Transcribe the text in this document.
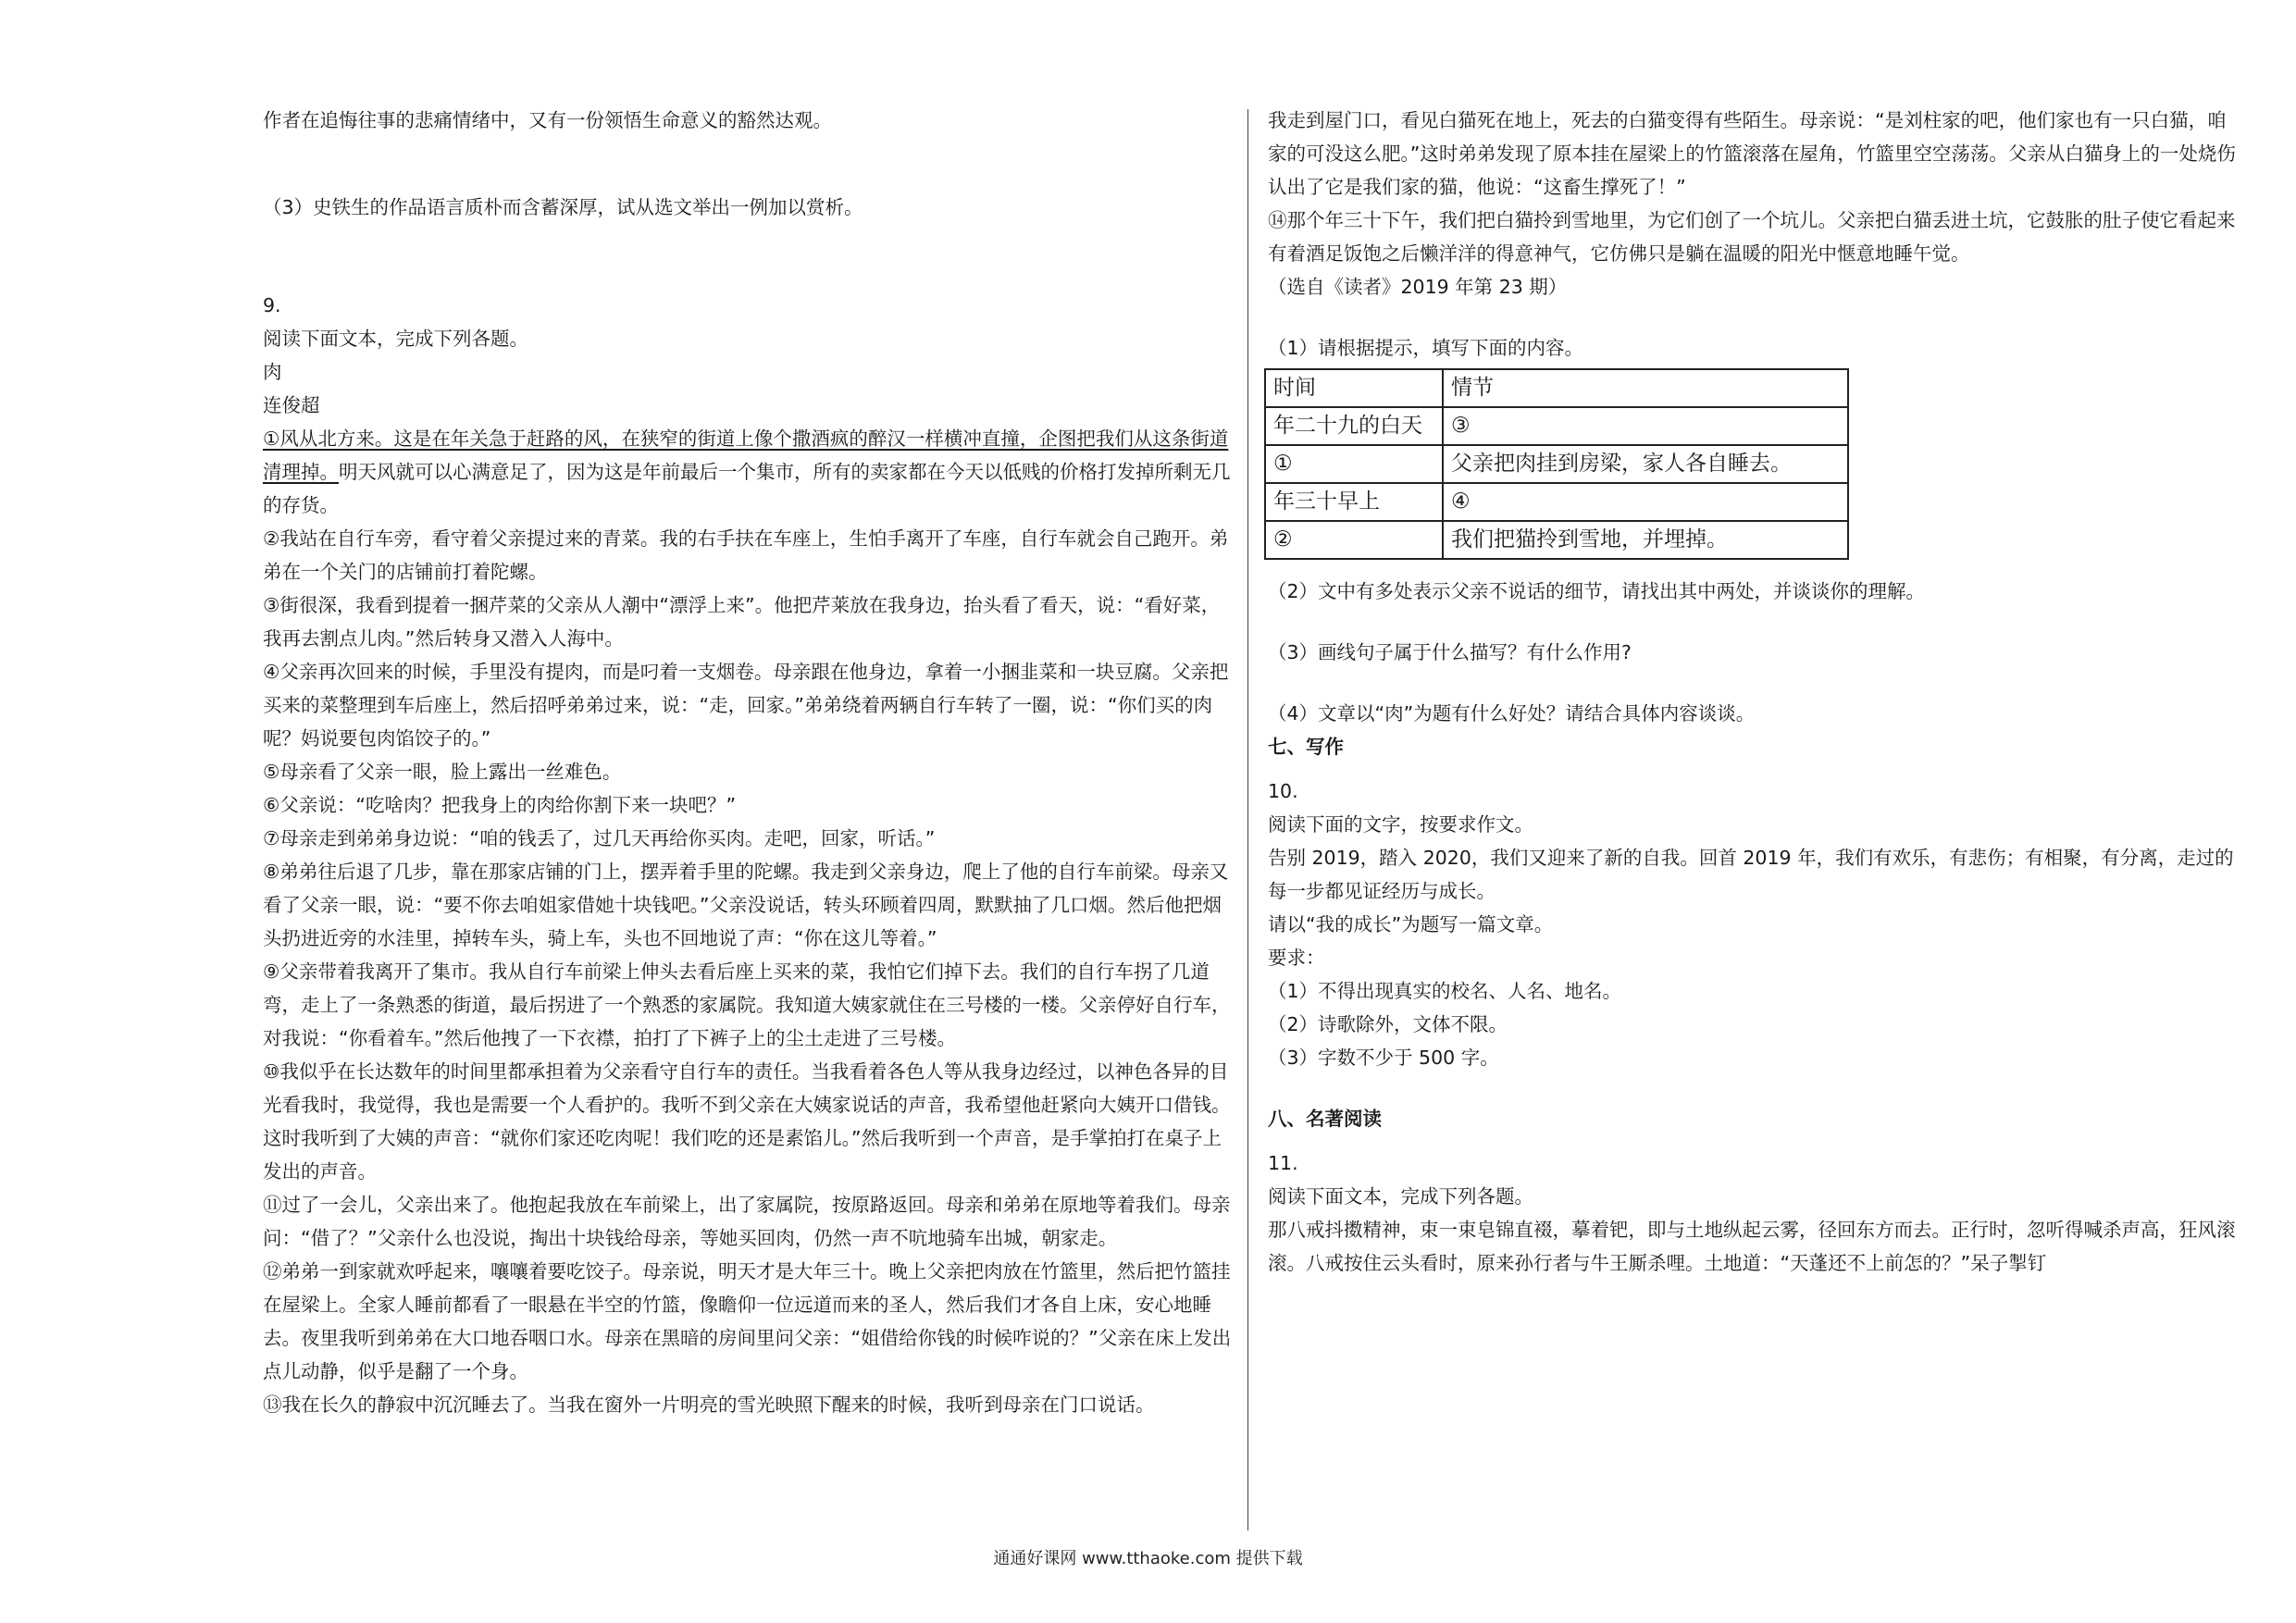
作者在追悔往事的悲痛情绪中，又有一份领悟生命意义的豁然达观。

（3）史铁生的作品语言质朴而含蓄深厚，试从选文举出一例加以赏析。

9.

阅读下面文本，完成下列各题。

肉

连俊超

①风从北方来。这是在年关急于赶路的风，在狭窄的街道上像个撒酒疯的醉汉一样横冲直撞，企图把我们从这条街道清理掉。明天风就可以心满意足了，因为这是年前最后一个集市，所有的卖家都在今天以低贱的价格打发掉所剩无几的存货。

②我站在自行车旁，看守着父亲提过来的青菜。我的右手扶在车座上，生怕手离开了车座，自行车就会自己跑开。弟弟在一个关门的店铺前打着陀螺。

③街很深，我看到提着一捆芹菜的父亲从人潮中“漂浮上来”。他把芹莱放在我身边，抬头看了看天，说：“看好菜，我再去割点儿肉。”然后转身又潜入人海中。

④父亲再次回来的时候，手里没有提肉，而是叼着一支烟卷。母亲跟在他身边，拿着一小捆韭菜和一块豆腐。父亲把买来的菜整理到车后座上，然后招呼弟弟过来，说：“走，回家。”弟弟绕着两辆自行车转了一圈，说：“你们买的肉呢？妈说要包肉馅饺子的。”

⑤母亲看了父亲一眼，脸上露出一丝难色。

⑥父亲说：“吃啥肉？把我身上的肉给你割下来一块吧？”

⑦母亲走到弟弟身边说：“咱的钱丢了，过几天再给你买肉。走吧，回家，听话。”

⑧弟弟往后退了几步，靠在那家店铺的门上，摆弄着手里的陀螺。我走到父亲身边，爬上了他的自行车前梁。母亲又看了父亲一眼，说：“要不你去咱姐家借她十块钱吧。”父亲没说话，转头环顾着四周，默默抽了几口烟。然后他把烟头扔进近旁的水洼里，掉转车头，骑上车，头也不回地说了声：“你在这儿等着。”

⑨父亲带着我离开了集市。我从自行车前梁上伸头去看后座上买来的菜，我怕它们掉下去。我们的自行车拐了几道弯，走上了一条熟悉的街道，最后拐进了一个熟悉的家属院。我知道大姨家就住在三号楼的一楼。父亲停好自行车，对我说：“你看着车。”然后他拽了一下衣襟，拍打了下裤子上的尘土走进了三号楼。

⑩我似乎在长达数年的时间里都承担着为父亲看守自行车的责任。当我看着各色人等从我身边经过，以神色各异的目光看我时，我觉得，我也是需要一个人看护的。我听不到父亲在大姨家说话的声音，我希望他赶紧向大姨开口借钱。这时我听到了大姨的声音：“就你们家还吃肉呢！我们吃的还是素馅儿。”然后我听到一个声音，是手掌拍打在桌子上发出的声音。

⑪过了一会儿，父亲出来了。他抱起我放在车前梁上，出了家属院，按原路返回。母亲和弟弟在原地等着我们。母亲问：“借了？”父亲什么也没说，掏出十块钱给母亲，等她买回肉，仍然一声不吭地骑车出城，朝家走。

⑫弟弟一到家就欢呼起来，嚷嚷着要吃饺子。母亲说，明天才是大年三十。晚上父亲把肉放在竹篮里，然后把竹篮挂在屋梁上。全家人睡前都看了一眼悬在半空的竹篮，像瞻仰一位远道而来的圣人，然后我们才各自上床，安心地睡去。夜里我听到弟弟在大口地吞咽口水。母亲在黑暗的房间里问父亲：“姐借给你钱的时候咋说的？”父亲在床上发出点儿动静，似乎是翻了一个身。

⑬我在长久的静寂中沉沉睡去了。当我在窗外一片明亮的雪光映照下醒来的时候，我听到母亲在门口说话。

我走到屋门口，看见白猫死在地上，死去的白猫变得有些陌生。母亲说：“是刘柱家的吧，他们家也有一只白猫，咱家的可没这么肥。”这时弟弟发现了原本挂在屋梁上的竹篮滚落在屋角，竹篮里空空荡荡。父亲从白猫身上的一处烧伤认出了它是我们家的猫，他说：“这畜生撑死了！”

⑭那个年三十下午，我们把白猫拎到雪地里，为它们创了一个坑儿。父亲把白猫丢进土坑，它鼓胀的肚子使它看起来有着酒足饭饱之后懒洋洋的得意神气，它仿佛只是躺在温暖的阳光中惬意地睡午觉。

（选自《读者》2019 年第 23 期）

（1）请根据提示，填写下面的内容。

时间	情节
年二十九的白天	③
①	父亲把肉挂到房梁，家人各自睡去。
年三十早上	④
②	我们把猫拎到雪地，并埋掉。

（2）文中有多处表示父亲不说话的细节，请找出其中两处，并谈谈你的理解。

（3）画线句子属于什么描写？有什么作用?

（4）文章以“肉”为题有什么好处？请结合具体内容谈谈。

七、写作

10.

阅读下面的文字，按要求作文。

告别 2019，踏入 2020，我们又迎来了新的自我。回首 2019 年，我们有欢乐，有悲伤；有相聚，有分离，走过的每一步都见证经历与成长。

请以“我的成长”为题写一篇文章。

要求：

（1）不得出现真实的校名、人名、地名。

（2）诗歌除外，文体不限。

（3）字数不少于 500 字。

八、名著阅读

11.

阅读下面文本，完成下列各题。

那八戒抖擞精神，束一束皂锦直裰，摹着钯，即与土地纵起云雾，径回东方而去。正行时，忽听得喊杀声高，狂风滚滚。八戒按住云头看时，原来孙行者与牛王厮杀哩。土地道：“天蓬还不上前怎的？”呆子掣钉

通通好课网 www.tthaoke.com 提供下载
